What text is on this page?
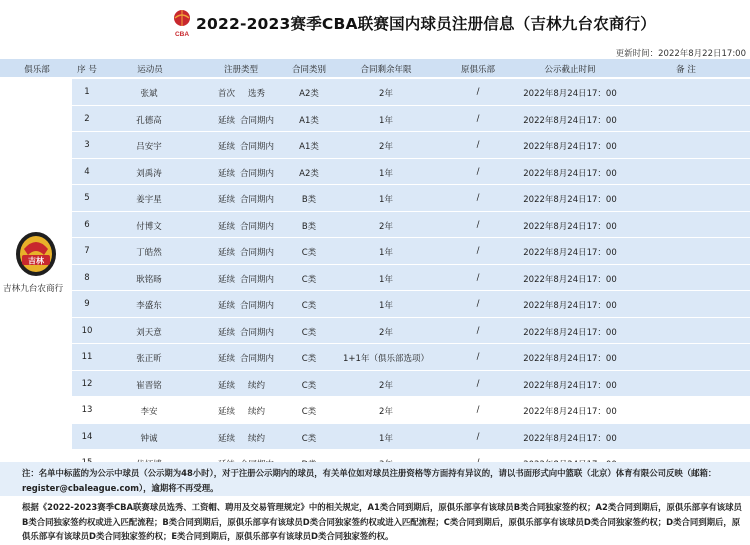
CBA
2022-2023赛季CBA联赛国内球员注册信息（吉林九台农商行）
更新时间：2022年8月22日17:00
俱乐部	序 号	运动员	注册类型	合同类别	合同剩余年限	原俱乐部	公示截止时间	备 注
吉林
吉林九台农商行
1	张斌	首次 选秀	A2类	2年	/	2022年8月24日17：00
2	孔德高	延续 合同期内	A1类	1年	/	2022年8月24日17：00
3	吕安宇	延续 合同期内	A1类	2年	/	2022年8月24日17：00
4	刘禹涛	延续 合同期内	A2类	1年	/	2022年8月24日17：00
5	姜宇星	延续 合同期内	B类	1年	/	2022年8月24日17：00
6	付博文	延续 合同期内	B类	2年	/	2022年8月24日17：00
7	丁皓然	延续 合同期内	C类	1年	/	2022年8月24日17：00
8	耿铭旸	延续 合同期内	C类	1年	/	2022年8月24日17：00
9	李盛东	延续 合同期内	C类	1年	/	2022年8月24日17：00
10	刘天意	延续 合同期内	C类	2年	/	2022年8月24日17：00
11	张正昕	延续 合同期内	C类	1+1年（俱乐部选项）	/	2022年8月24日17：00
12	崔晋铭	延续 续约	C类	2年	/	2022年8月24日17：00
13	李安	延续 续约	C类	2年	/	2022年8月24日17：00
14	钟诚	延续 续约	C类	1年	/	2022年8月24日17：00

注：名单中标蓝的为公示中球员（公示期为48小时），对于注册公示期内的球员，有关单位如对球员注册资格等方面持有异议的，请以书面形式向中篮联（北京）体育有限公司反映（邮箱：register@cbaleague.com），逾期将不再受理。

根据《2022-2023赛季CBA联赛球员选秀、工资帽、聘用及交易管理规定》中的相关规定，A1类合同到期后，原俱乐部享有该球员B类合同独家签约权；A2类合同到期后，原俱乐部享有该球员B类合同独家签约权或进入匹配流程；B类合同到期后，原俱乐部享有该球员D类合同独家签约权或进入匹配流程；C类合同到期后，原俱乐部享有该球员D类合同独家签约权；D类合同到期后，原俱乐部享有该球员D类合同独家签约权；E类合同到期后，原俱乐部享有该球员D类合同独家签约权。
